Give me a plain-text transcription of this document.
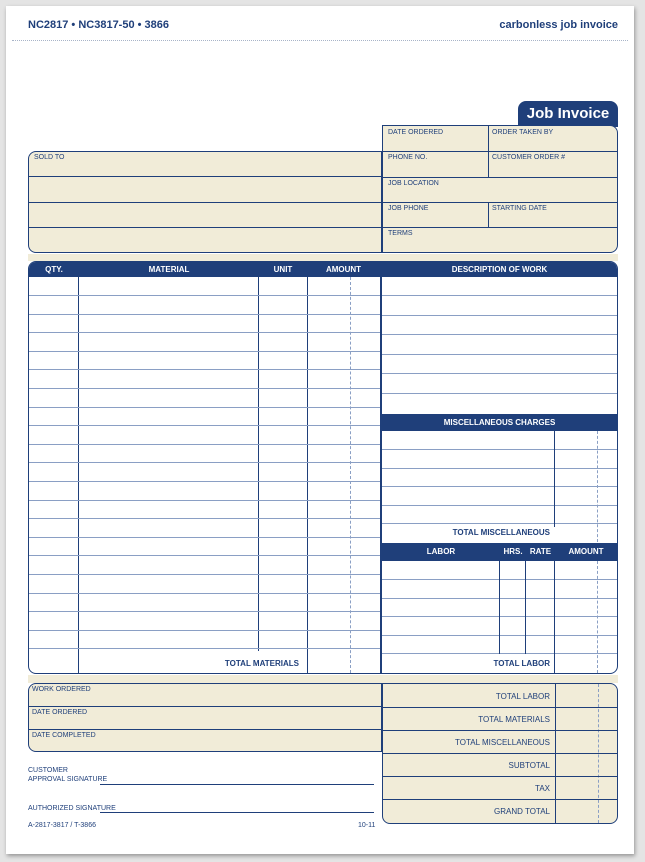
NC2817 • NC3817-50 • 3866	carbonless job invoice
Job Invoice
SOLD TO
DATE ORDERED	ORDER TAKEN BY
PHONE NO.	CUSTOMER ORDER #
JOB LOCATION
JOB PHONE	STARTING DATE
TERMS
QTY.	MATERIAL	UNIT	AMOUNT
TOTAL MATERIALS
DESCRIPTION OF WORK
MISCELLANEOUS CHARGES
TOTAL MISCELLANEOUS
LABOR	HRS. RATE	AMOUNT
TOTAL LABOR
WORK ORDERED
DATE ORDERED
DATE COMPLETED
CUSTOMER
APPROVAL SIGNATURE
AUTHORIZED SIGNATURE
TOTAL LABOR
TOTAL MATERIALS
TOTAL MISCELLANEOUS
SUBTOTAL
TAX
GRAND TOTAL
A-2817-3817 / T-3866	10-11
